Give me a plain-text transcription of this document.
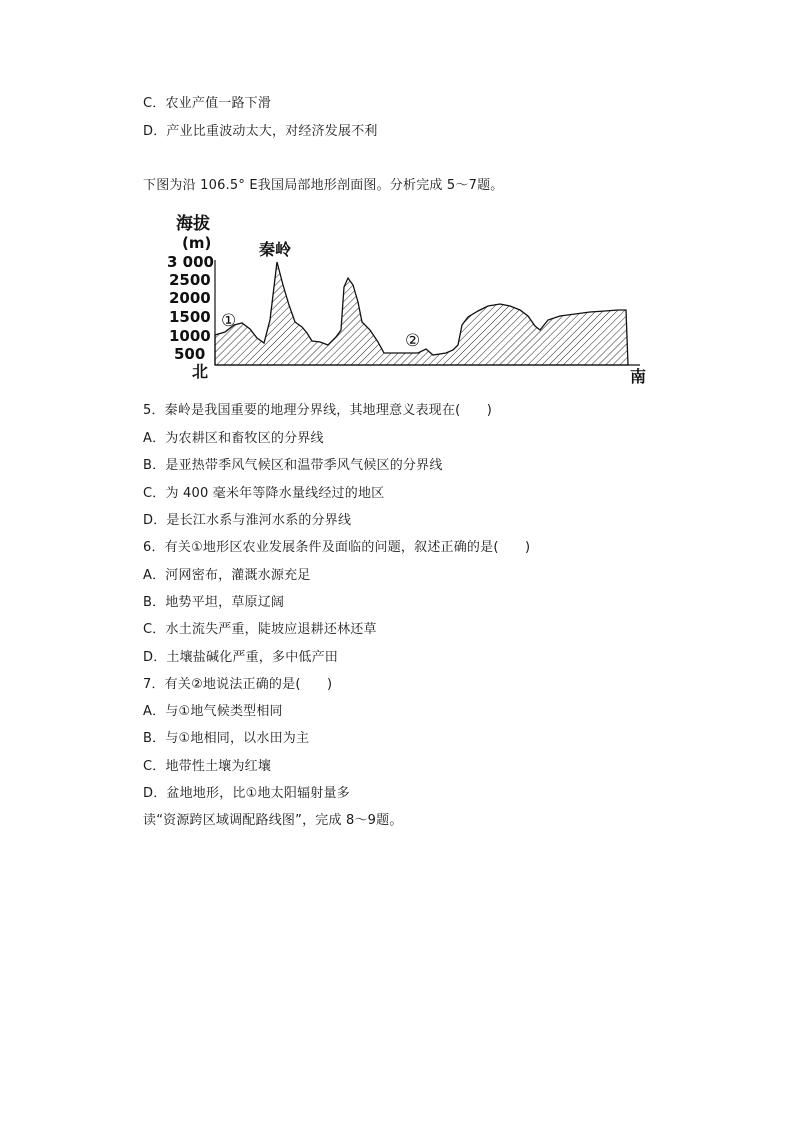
C．农业产值一路下滑
D．产业比重波动太大，对经济发展不利
下图为沿 106.5° E我国局部地形剖面图。分析完成 5～7题。
海拔
(m)
3 000
2500
2000
1500
1000
500
秦岭
①
②
北	南
5．秦岭是我国重要的地理分界线，其地理意义表现在(　　)
A．为农耕区和畜牧区的分界线
B．是亚热带季风气候区和温带季风气候区的分界线
C．为 400 毫米年等降水量线经过的地区
D．是长江水系与淮河水系的分界线
6．有关①地形区农业发展条件及面临的问题，叙述正确的是(　　)
A．河网密布，灌溉水源充足
B．地势平坦，草原辽阔
C．水土流失严重，陡坡应退耕还林还草
D．土壤盐碱化严重，多中低产田
7．有关②地说法正确的是(　　)
A．与①地气候类型相同
B．与①地相同，以水田为主
C．地带性土壤为红壤
D．盆地地形，比①地太阳辐射量多
读“资源跨区域调配路线图”，完成 8～9题。
